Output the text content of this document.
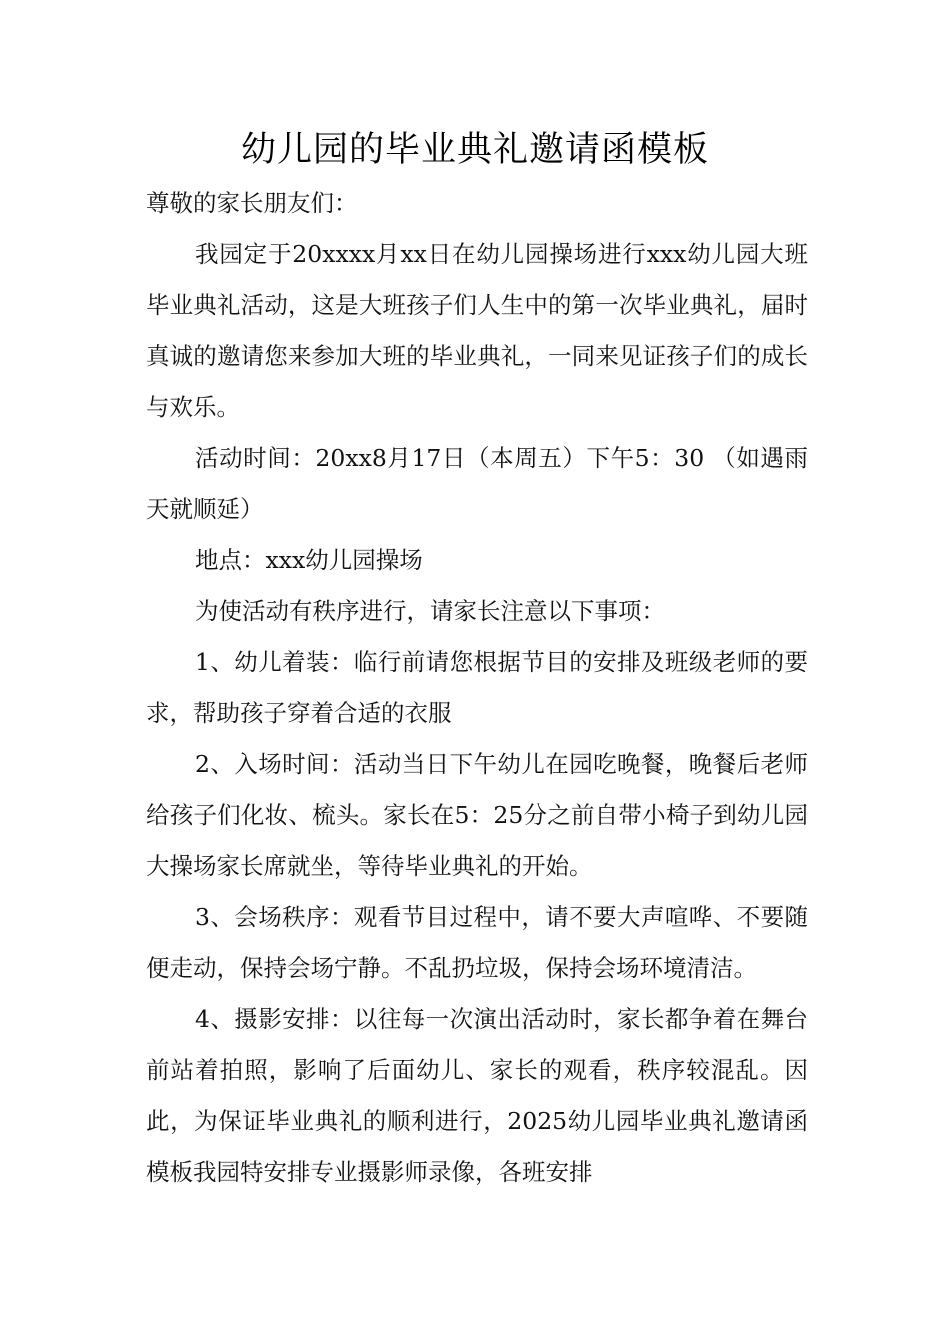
幼儿园的毕业典礼邀请函模板

尊敬的家长朋友们：

我园定于20xxxx月xx日在幼儿园操场进行xxx幼儿园大班毕业典礼活动，这是大班孩子们人生中的第一次毕业典礼，届时真诚的邀请您来参加大班的毕业典礼，一同来见证孩子们的成长与欢乐。

活动时间：20xx8月17日（本周五）下午5：30 （如遇雨天就顺延）

地点：xxx幼儿园操场

为使活动有秩序进行，请家长注意以下事项：

1、幼儿着装：临行前请您根据节目的安排及班级老师的要求，帮助孩子穿着合适的衣服

2、入场时间：活动当日下午幼儿在园吃晚餐，晚餐后老师给孩子们化妆、梳头。家长在5：25分之前自带小椅子到幼儿园大操场家长席就坐，等待毕业典礼的开始。

3、会场秩序：观看节目过程中，请不要大声喧哗、不要随便走动，保持会场宁静。不乱扔垃圾，保持会场环境清洁。

4、摄影安排：以往每一次演出活动时，家长都争着在舞台前站着拍照，影响了后面幼儿、家长的观看，秩序较混乱。因此，为保证毕业典礼的顺利进行，2025幼儿园毕业典礼邀请函模板我园特安排专业摄影师录像，各班安排
